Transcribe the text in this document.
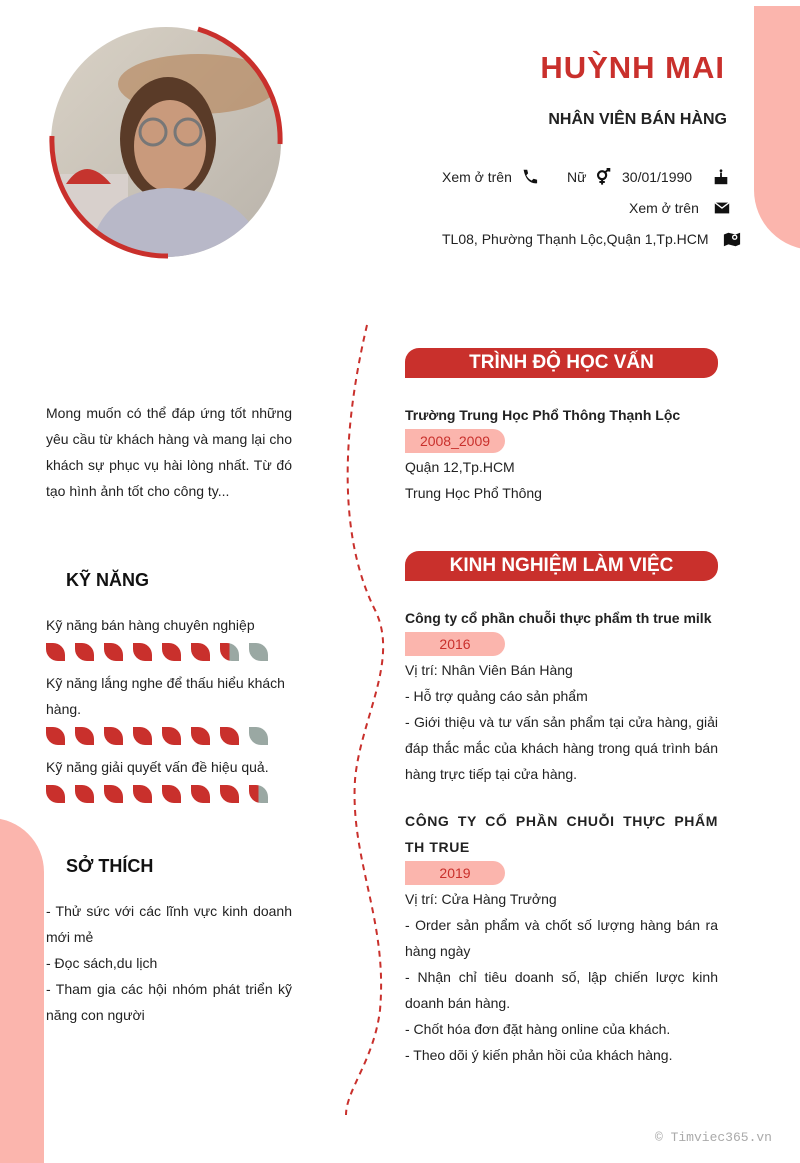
HUỲNH MAI
NHÂN VIÊN BÁN HÀNG
Xem ở trên	Nữ	30/01/1990
Xem ở trên
TL08, Phường Thạnh Lộc,Quận 1,Tp.HCM
Mong muốn có thể đáp ứng tốt những yêu cầu từ khách hàng và mang lại cho khách sự phục vụ hài lòng nhất. Từ đó tạo hình ảnh tốt cho công ty...
KỸ NĂNG
Kỹ năng bán hàng chuyên nghiệp
Kỹ năng lắng nghe để thấu hiểu khách hàng.
Kỹ năng giải quyết vấn đề hiệu quả.
SỞ THÍCH
- Thử sức với các lĩnh vực kinh doanh mới mẻ
- Đọc sách,du lịch
- Tham gia các hội nhóm phát triển kỹ năng con người
TRÌNH ĐỘ HỌC VẤN
Trường Trung Học Phổ Thông Thạnh Lộc
2008_2009
Quận 12,Tp.HCM
Trung Học Phổ Thông
KINH NGHIỆM LÀM VIỆC
Công ty cổ phần chuỗi thực phẩm th true milk
2016
Vị trí: Nhân Viên Bán Hàng
- Hỗ trợ quảng cáo sản phẩm
- Giới thiệu và tư vấn sản phẩm tại cửa hàng, giải đáp thắc mắc của khách hàng trong quá trình bán hàng trực tiếp tại cửa hàng.
CÔNG TY CỔ PHẦN CHUỖI THỰC PHẨM TH TRUE
2019
Vị trí: Cửa Hàng Trưởng
- Order sản phẩm và chốt số lượng hàng bán ra hàng ngày
- Nhận chỉ tiêu doanh số, lập chiến lược kinh doanh bán hàng.
- Chốt hóa đơn đặt hàng online của khách.
- Theo dõi ý kiến phản hồi của khách hàng.
© Timviec365.vn
